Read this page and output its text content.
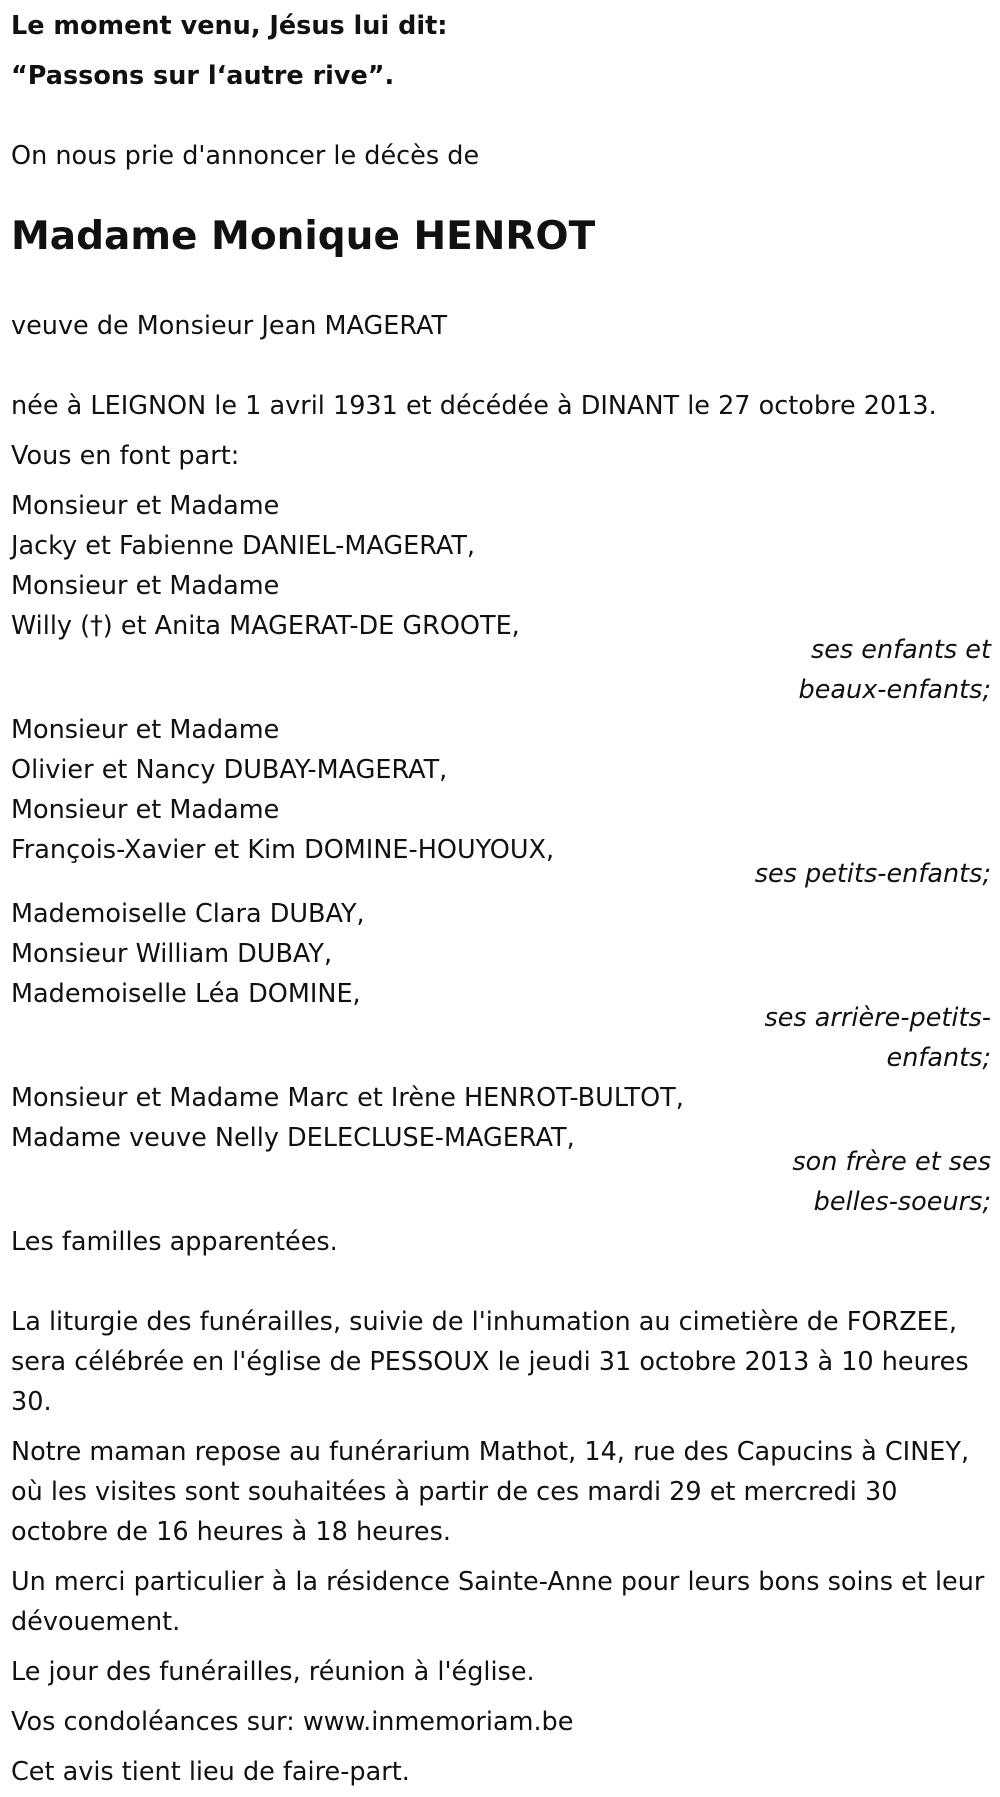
Le moment venu, Jésus lui dit:

“Passons sur l‘autre rive”.

On nous prie d'annoncer le décès de

Madame Monique HENROT

veuve de Monsieur Jean MAGERAT

née à LEIGNON le 1 avril 1931 et décédée à DINANT le 27 octobre 2013.

Vous en font part:

Monsieur et Madame

Jacky et Fabienne DANIEL-MAGERAT,

Monsieur et Madame

Willy (†) et Anita MAGERAT-DE GROOTE,

ses enfants et
beaux-enfants;

Monsieur et Madame

Olivier et Nancy DUBAY-MAGERAT,

Monsieur et Madame

François-Xavier et Kim DOMINE-HOUYOUX,

ses petits-enfants;

Mademoiselle Clara DUBAY,

Monsieur William DUBAY,

Mademoiselle Léa DOMINE,

ses arrière-petits-
enfants;

Monsieur et Madame Marc et Irène HENROT-BULTOT,

Madame veuve Nelly DELECLUSE-MAGERAT,

son frère et ses
belles-soeurs;

Les familles apparentées.

La liturgie des funérailles, suivie de l'inhumation au cimetière de FORZEE, sera célébrée en l'église de PESSOUX le jeudi 31 octobre 2013 à 10 heures 30.

Notre maman repose au funérarium Mathot, 14, rue des Capucins à CINEY, où les visites sont souhaitées à partir de ces mardi 29 et mercredi 30 octobre de 16 heures à 18 heures.

Un merci particulier à la résidence Sainte-Anne pour leurs bons soins et leur dévouement.

Le jour des funérailles, réunion à l'église.

Vos condoléances sur: www.inmemoriam.be

Cet avis tient lieu de faire-part.
